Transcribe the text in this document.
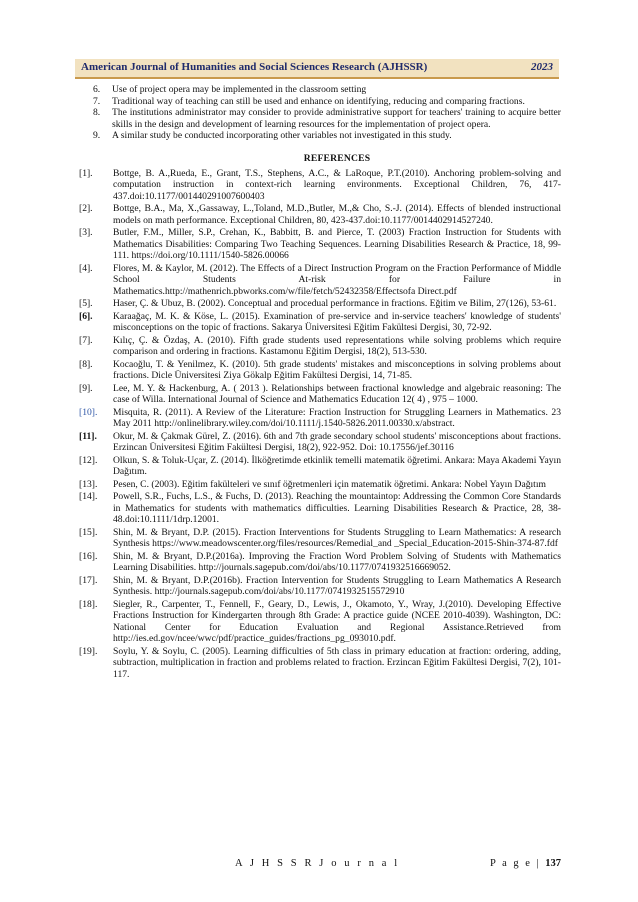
American Journal of Humanities and Social Sciences Research (AJHSSR)	2023
6. Use of project opera may be implemented in the classroom setting
7. Traditional way of teaching can still be used and enhance on identifying, reducing and comparing fractions.
8. The institutions administrator may consider to provide administrative support for teachers' training to acquire better skills in the design and development of learning resources for the implementation of project opera.
9. A similar study be conducted incorporating other variables not investigated in this study.
REFERENCES
[1]. Bottge, B. A.,Rueda, E., Grant, T.S., Stephens, A.C., & LaRoque, P.T.(2010). Anchoring problem-solving and computation instruction in context-rich learning environments. Exceptional Children, 76, 417-437.doi:10.1177/001440291007600403
[2]. Bottge, B.A., Ma, X.,Gassaway, L.,Toland, M.D.,Butler, M.,& Cho, S.-J. (2014). Effects of blended instructional models on math performance. Exceptional Children, 80, 423-437.doi:10.1177/0014402914527240.
[3]. Butler, F.M., Miller, S.P., Crehan, K., Babbitt, B. and Pierce, T. (2003) Fraction Instruction for Students with Mathematics Disabilities: Comparing Two Teaching Sequences. Learning Disabilities Research & Practice, 18, 99-111. https://doi.org/10.1111/1540-5826.00066
[4]. Flores, M. & Kaylor, M. (2012). The Effects of a Direct Instruction Program on the Fraction Performance of Middle School Students At-risk for Failure in Mathematics.http://mathenrich.pbworks.com/w/file/fetch/52432358/Effectsofa Direct.pdf
[5]. Haser, Ç. & Ubuz, B. (2002). Conceptual and procedual performance in fractions. Eğitim ve Bilim, 27(126), 53-61.
[6]. Karaağaç, M. K. & Köse, L. (2015). Examination of pre-service and in-service teachers' knowledge of students' misconceptions on the topic of fractions. Sakarya Üniversitesi Eğitim Fakültesi Dergisi, 30, 72-92.
[7]. Kılıç, Ç. & Özdaş, A. (2010). Fifth grade students used representations while solving problems which require comparison and ordering in fractions. Kastamonu Eğitim Dergisi, 18(2), 513-530.
[8]. Kocaoğlu, T. & Yenilmez, K. (2010). 5th grade students' mistakes and misconceptions in solving problems about fractions. Dicle Üniversitesi Ziya Gökalp Eğitim Fakültesi Dergisi, 14, 71-85.
[9]. Lee, M. Y. & Hackenburg, A. ( 2013 ). Relationships between fractional knowledge and algebraic reasoning: The case of Willa. International Journal of Science and Mathematics Education 12( 4) , 975 – 1000.
[10]. Misquita, R. (2011). A Review of the Literature: Fraction Instruction for Struggling Learners in Mathematics. 23 May 2011 http://onlinelibrary.wiley.com/doi/10.1111/j.1540-5826.2011.00330.x/abstract.
[11]. Okur, M. & Çakmak Gürel, Z. (2016). 6th and 7th grade secondary school students' misconceptions about fractions. Erzincan Üniversitesi Eğitim Fakültesi Dergisi, 18(2), 922-952. Doi: 10.17556/jef.30116
[12]. Olkun, S. & Toluk-Uçar, Z. (2014). İlköğretimde etkinlik temelli matematik öğretimi. Ankara: Maya Akademi Yayın Dağıtım.
[13]. Pesen, C. (2003). Eğitim fakülteleri ve sınıf öğretmenleri için matematik öğretimi. Ankara: Nobel Yayın Dağıtım
[14]. Powell, S.R., Fuchs, L.S., & Fuchs, D. (2013). Reaching the mountaintop: Addressing the Common Core Standards in Mathematics for students with mathematics difficulties. Learning Disabilities Research & Practice, 28, 38-48.doi:10.1111/1drp.12001.
[15]. Shin, M. & Bryant, D.P. (2015). Fraction Interventions for Students Struggling to Learn Mathematics: A research Synthesis https://www.meadowscenter.org/files/resources/Remedial_and _Special_Education-2015-Shin-374-87.fdf
[16]. Shin, M. & Bryant, D.P.(2016a). Improving the Fraction Word Problem Solving of Students with Mathematics Learning Disabilities. http://journals.sagepub.com/doi/abs/10.1177/0741932516669052.
[17]. Shin, M. & Bryant, D.P.(2016b). Fraction Intervention for Students Struggling to Learn Mathematics A Research Synthesis. http://journals.sagepub.com/doi/abs/10.1177/0741932515572910
[18]. Siegler, R., Carpenter, T., Fennell, F., Geary, D., Lewis, J., Okamoto, Y., Wray, J.(2010). Developing Effective Fractions Instruction for Kindergarten through 8th Grade: A practice guide (NCEE 2010-4039). Washington, DC: National Center for Education Evaluation and Regional Assistance.Retrieved from http://ies.ed.gov/ncee/wwc/pdf/practice_guides/fractions_pg_093010.pdf.
[19]. Soylu, Y. & Soylu, C. (2005). Learning difficulties of 5th class in primary education at fraction: ordering, adding, subtraction, multiplication in fraction and problems related to fraction. Erzincan Eğitim Fakültesi Dergisi, 7(2), 101-117.
A J H S S R J o u r n a l	P a g e | 137
